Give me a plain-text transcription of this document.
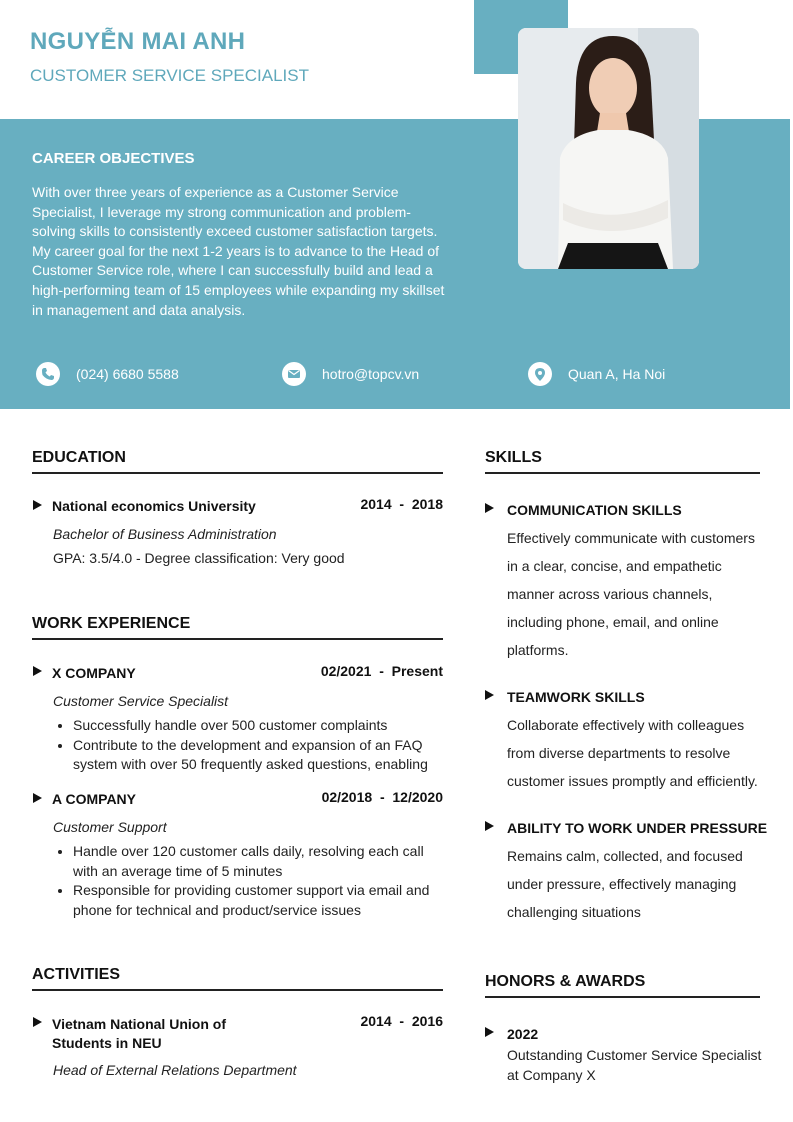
NGUYỄN MAI ANH
CUSTOMER SERVICE SPECIALIST
CAREER OBJECTIVES
With over three years of experience as a Customer Service
Specialist, I leverage my strong communication and problem-
solving skills to consistently exceed customer satisfaction targets.
My career goal for the next 1-2 years is to advance to the Head of
Customer Service role, where I can successfully build and lead a
high-performing team of 15 employees while expanding my skillset
in management and data analysis.
(024) 6680 5588	hotro@topcv.vn	Quan A, Ha Noi
EDUCATION
National economics University	2014  -  2018
Bachelor of Business Administration
GPA: 3.5/4.0 - Degree classification: Very good
WORK EXPERIENCE
X COMPANY	02/2021  -  Present
Customer Service Specialist
• Successfully handle over 500 customer complaints
• Contribute to the development and expansion of an FAQ system with over 50 frequently asked questions, enabling
A COMPANY	02/2018  -  12/2020
Customer Support
• Handle over 120 customer calls daily, resolving each call with an average time of 5 minutes
• Responsible for providing customer support via email and phone for technical and product/service issues
ACTIVITIES
Vietnam National Union of
Students in NEU
2014  -  2016
Head of External Relations Department
SKILLS
COMMUNICATION SKILLS
Effectively communicate with customers
in a clear, concise, and empathetic
manner across various channels,
including phone, email, and online
platforms.
TEAMWORK SKILLS
Collaborate effectively with colleagues
from diverse departments to resolve
customer issues promptly and efficiently.
ABILITY TO WORK UNDER PRESSURE
Remains calm, collected, and focused
under pressure, effectively managing
challenging situations
HONORS & AWARDS
2022
Outstanding Customer Service Specialist
at Company X
